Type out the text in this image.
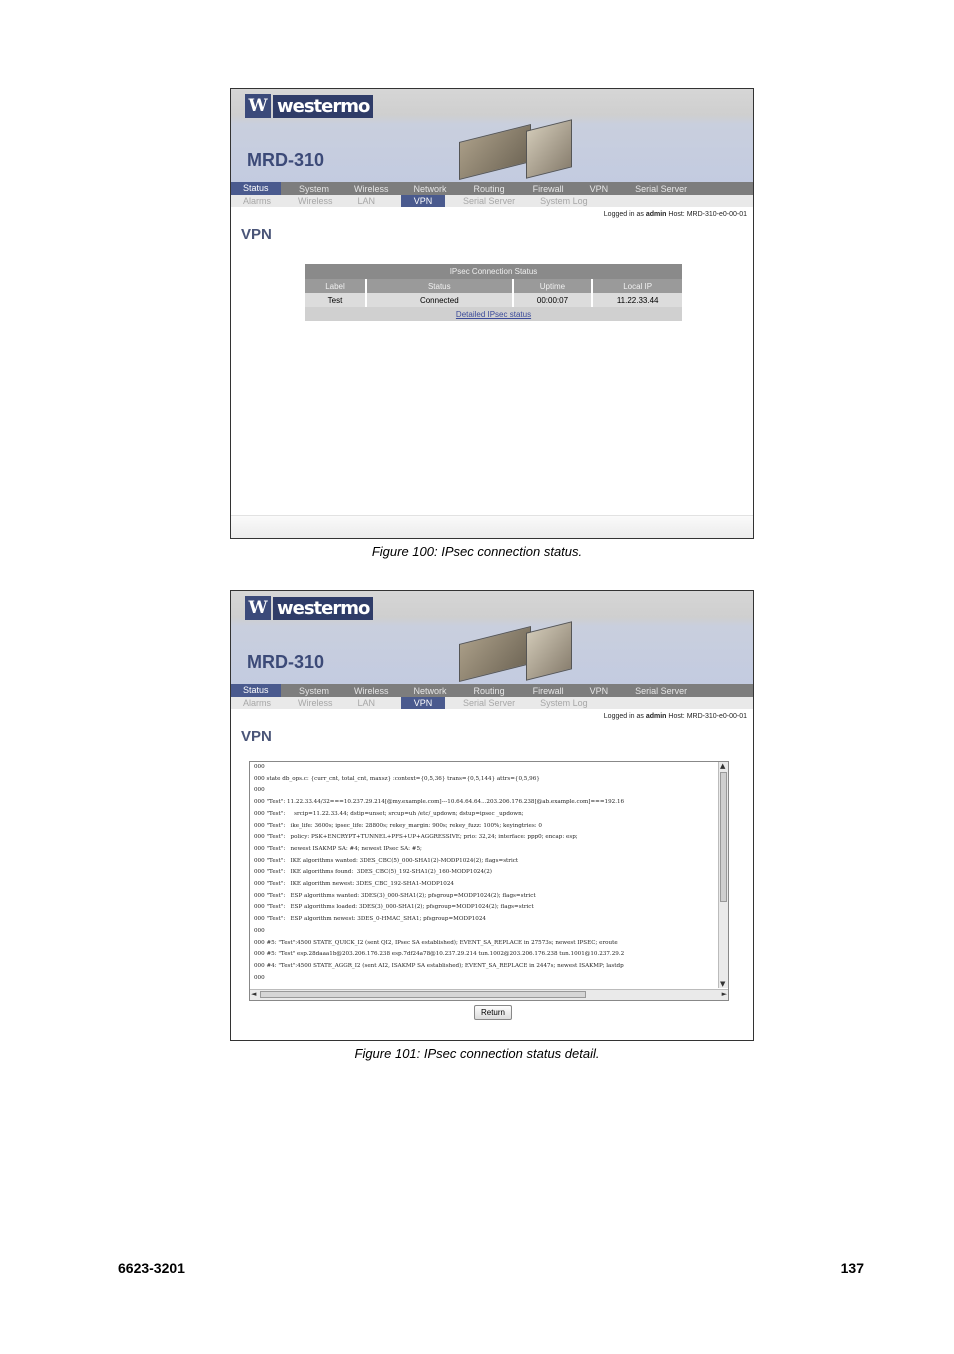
W westermo
MRD-310
Status	System	Wireless	Network	Routing	Firewall	VPN	Serial Server
Alarms	Wireless	LAN	VPN	Serial Server	System Log
Logged in as admin Host: MRD-310-e0-00-01
VPN
IPsec Connection Status			
Label	Status	Uptime	Local IP
Test	Connected	00:00:07	11.22.33.44
Detailed IPsec status			
Figure 100: IPsec connection status.
W westermo
MRD-310
Status	System	Wireless	Network	Routing	Firewall	VPN	Serial Server
Alarms	Wireless	LAN	VPN	Serial Server	System Log
Logged in as admin Host: MRD-310-e0-00-01
VPN
000
000 state db_ops.c: {curr_cnt, total_cnt, maxsz} :context={0,5,36} trans={0,5,144} attrs={0,5,96}
000
000 "Test": 11.22.33.44/32===10.237.29.214[@my.example.com]---10.64.64.64...203.206.176.238[@ab.example.com]===192.16
000 "Test":     srcip=11.22.33.44; dstip=unset; srcup=uh /etc/_updown; dstup=ipsec _updown;
000 "Test":   ike_life: 3600s; ipsec_life: 28800s; rekey_margin: 900s; rekey_fuzz: 100%; keyingtries: 0
000 "Test":   policy: PSK+ENCRYPT+TUNNEL+PFS+UP+AGGRESSIVE; prio: 32,24; interface: ppp0; encap: esp;
000 "Test":   newest ISAKMP SA: #4; newest IPsec SA: #5;
000 "Test":   IKE algorithms wanted: 3DES_CBC(5)_000-SHA1(2)-MODP1024(2); flags=strict
000 "Test":   IKE algorithms found:  3DES_CBC(5)_192-SHA1(2)_160-MODP1024(2)
000 "Test":   IKE algorithm newest: 3DES_CBC_192-SHA1-MODP1024
000 "Test":   ESP algorithms wanted: 3DES(3)_000-SHA1(2); pfsgroup=MODP1024(2); flags=strict
000 "Test":   ESP algorithms loaded: 3DES(3)_000-SHA1(2); pfsgroup=MODP1024(2); flags=strict
000 "Test":   ESP algorithm newest: 3DES_0-HMAC_SHA1; pfsgroup=MODP1024
000
000 #5: "Test":4500 STATE_QUICK_I2 (sent QI2, IPsec SA established); EVENT_SA_REPLACE in 27573s; newest IPSEC; eroute
000 #5: "Test" esp.28daaa1b@203.206.176.238 esp.7df24a78@10.237.29.214 tun.1002@203.206.176.238 tun.1001@10.237.29.2
000 #4: "Test":4500 STATE_AGGR_I2 (sent AI2, ISAKMP SA established); EVENT_SA_REPLACE in 2447s; newest ISAKMP; lastdp
000
▲
▼
◄	►
Return
Figure 101: IPsec connection status detail.
6623-3201	137
